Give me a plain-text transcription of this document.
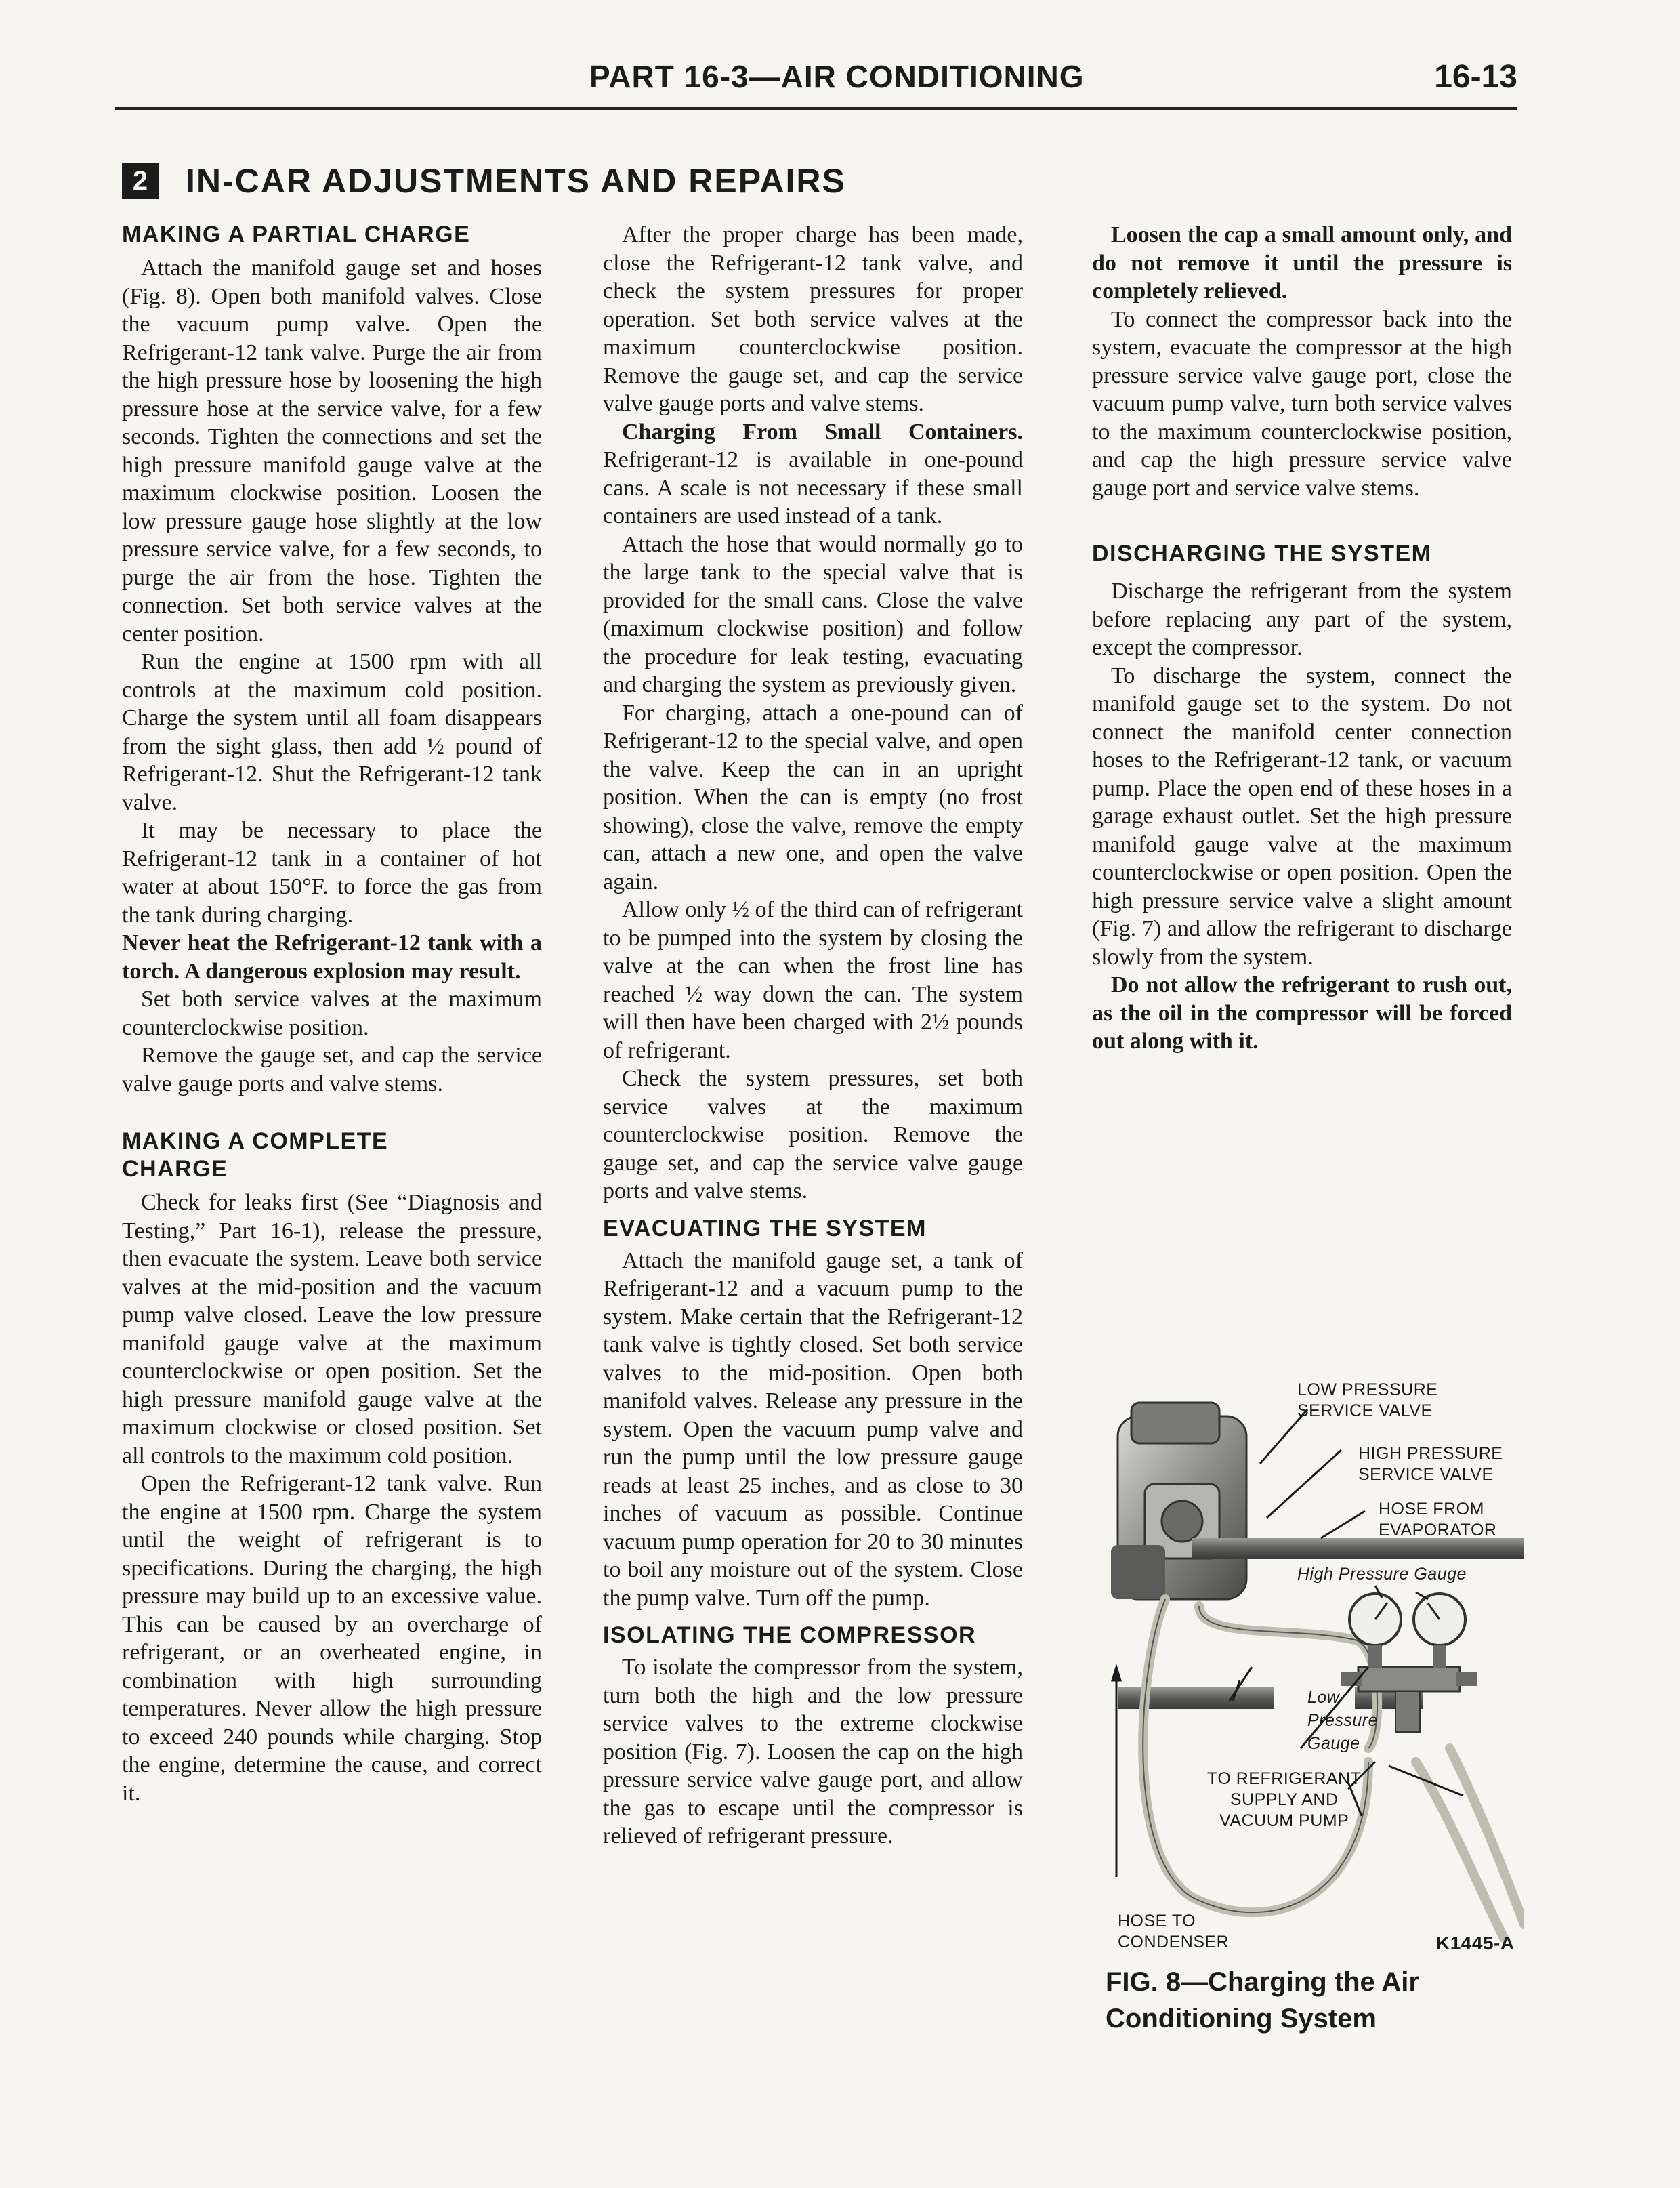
PART 16-3—AIR CONDITIONING	16-13
2	IN-CAR ADJUSTMENTS AND REPAIRS
MAKING A PARTIAL CHARGE

Attach the manifold gauge set and hoses (Fig. 8). Open both manifold valves. Close the vacuum pump valve. Open the Refrigerant-12 tank valve. Purge the air from the high pressure hose by loosening the high pressure hose at the service valve, for a few seconds. Tighten the connections and set the high pressure manifold gauge valve at the maximum clockwise position. Loosen the low pressure gauge hose slightly at the low pressure service valve, for a few seconds, to purge the air from the hose. Tighten the connection. Set both service valves at the center position.

Run the engine at 1500 rpm with all controls at the maximum cold position. Charge the system until all foam disappears from the sight glass, then add ½ pound of Refrigerant-12. Shut the Refrigerant-12 tank valve.

It may be necessary to place the Refrigerant-12 tank in a container of hot water at about 150°F. to force the gas from the tank during charging.

Never heat the Refrigerant-12 tank with a torch. A dangerous explosion may result.

Set both service valves at the maximum counterclockwise position.

Remove the gauge set, and cap the service valve gauge ports and valve stems.

MAKING A COMPLETE
CHARGE

Check for leaks first (See “Diagnosis and Testing,” Part 16-1), release the pressure, then evacuate the system. Leave both service valves at the mid-position and the vacuum pump valve closed. Leave the low pressure manifold gauge valve at the maximum counterclockwise or open position. Set the high pressure manifold gauge valve at the maximum clockwise or closed position. Set all controls to the maximum cold position.

Open the Refrigerant-12 tank valve. Run the engine at 1500 rpm. Charge the system until the weight of refrigerant is to specifications. During the charging, the high pressure may build up to an excessive value. This can be caused by an overcharge of refrigerant, or an overheated engine, in combination with high surrounding temperatures. Never allow the high pressure to exceed 240 pounds while charging. Stop the engine, determine the cause, and correct it.

After the proper charge has been made, close the Refrigerant-12 tank valve, and check the system pressures for proper operation. Set both service valves at the maximum counterclockwise position. Remove the gauge set, and cap the service valve gauge ports and valve stems.

Charging From Small Containers. Refrigerant-12 is available in one-pound cans. A scale is not necessary if these small containers are used instead of a tank.

Attach the hose that would normally go to the large tank to the special valve that is provided for the small cans. Close the valve (maximum clockwise position) and follow the procedure for leak testing, evacuating and charging the system as previously given.

For charging, attach a one-pound can of Refrigerant-12 to the special valve, and open the valve. Keep the can in an upright position. When the can is empty (no frost showing), close the valve, remove the empty can, attach a new one, and open the valve again.

Allow only ½ of the third can of refrigerant to be pumped into the system by closing the valve at the can when the frost line has reached ½ way down the can. The system will then have been charged with 2½ pounds of refrigerant.

Check the system pressures, set both service valves at the maximum counterclockwise position. Remove the gauge set, and cap the service valve gauge ports and valve stems.

EVACUATING THE SYSTEM

Attach the manifold gauge set, a tank of Refrigerant-12 and a vacuum pump to the system. Make certain that the Refrigerant-12 tank valve is tightly closed. Set both service valves to the mid-position. Open both manifold valves. Release any pressure in the system. Open the vacuum pump valve and run the pump until the low pressure gauge reads at least 25 inches, and as close to 30 inches of vacuum as possible. Continue vacuum pump operation for 20 to 30 minutes to boil any moisture out of the system. Close the pump valve. Turn off the pump.

ISOLATING THE COMPRESSOR

To isolate the compressor from the system, turn both the high and the low pressure service valves to the extreme clockwise position (Fig. 7). Loosen the cap on the high pressure service valve gauge port, and allow the gas to escape until the compressor is relieved of refrigerant pressure.

Loosen the cap a small amount only, and do not remove it until the pressure is completely relieved.

To connect the compressor back into the system, evacuate the compressor at the high pressure service valve gauge port, close the vacuum pump valve, turn both service valves to the maximum counterclockwise position, and cap the high pressure service valve gauge port and service valve stems.

DISCHARGING THE SYSTEM

Discharge the refrigerant from the system before replacing any part of the system, except the compressor.

To discharge the system, connect the manifold gauge set to the system. Do not connect the manifold center connection hoses to the Refrigerant-12 tank, or vacuum pump. Place the open end of these hoses in a garage exhaust outlet. Set the high pressure manifold gauge valve at the maximum counterclockwise or open position. Open the high pressure service valve a slight amount (Fig. 7) and allow the refrigerant to discharge slowly from the system.

Do not allow the refrigerant to rush out, as the oil in the compressor will be forced out along with it.

LOW PRESSURE
SERVICE VALVE
HIGH PRESSURE
SERVICE VALVE
HOSE FROM
EVAPORATOR
High Pressure Gauge
Low
Pressure
Gauge
TO REFRIGERANT
SUPPLY AND
VACUUM PUMP
HOSE TO
CONDENSER	K1445-A
FIG. 8—Charging the Air
Conditioning System
